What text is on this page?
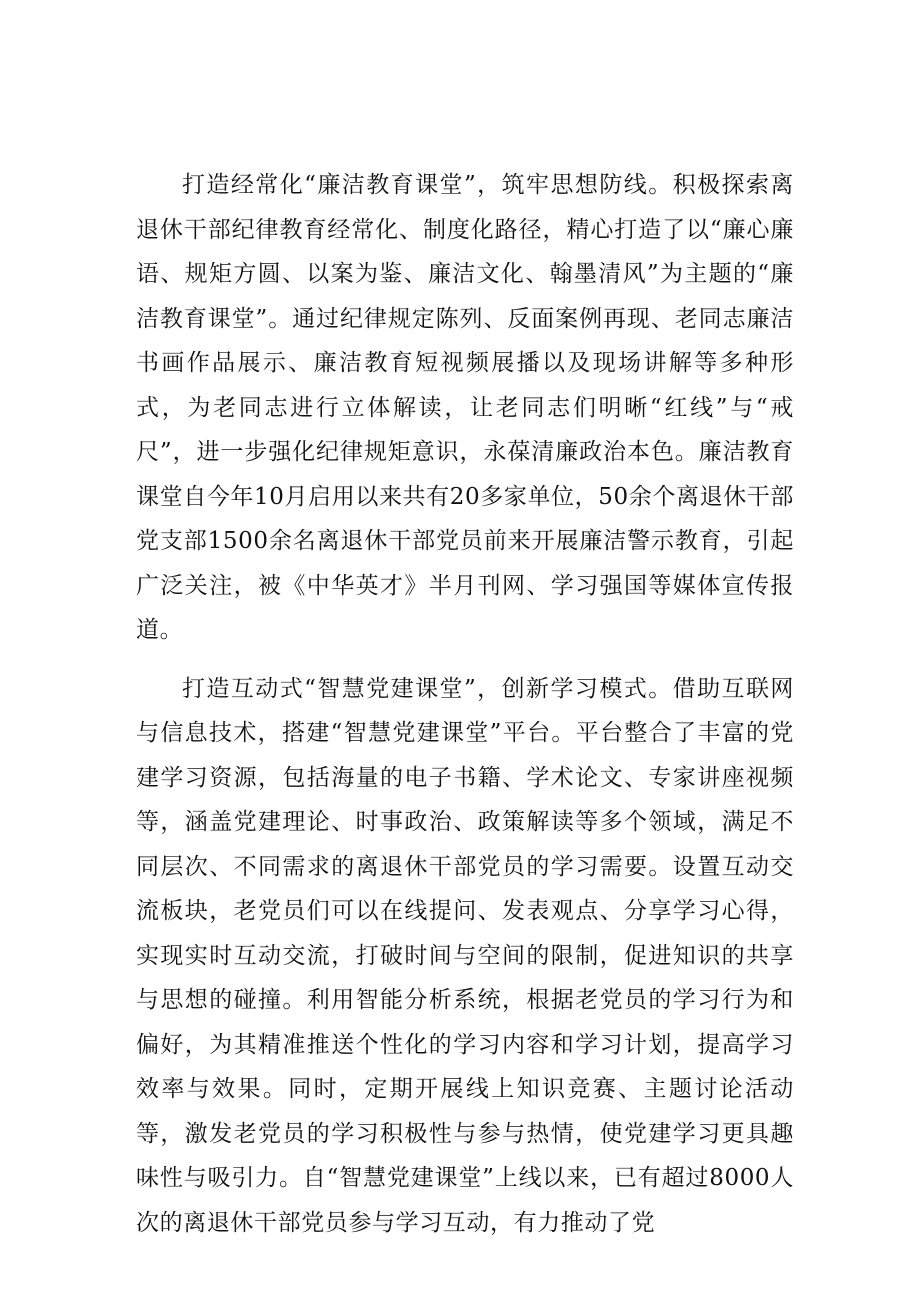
打造经常化“廉洁教育课堂”，筑牢思想防线。积极探索离退休干部纪律教育经常化、制度化路径，精心打造了以“廉心廉语、规矩方圆、以案为鉴、廉洁文化、翰墨清风”为主题的“廉洁教育课堂”。通过纪律规定陈列、反面案例再现、老同志廉洁书画作品展示、廉洁教育短视频展播以及现场讲解等多种形式，为老同志进行立体解读，让老同志们明晰“红线”与“戒尺”，进一步强化纪律规矩意识，永葆清廉政治本色。廉洁教育课堂自今年10月启用以来共有20多家单位，50余个离退休干部党支部1500余名离退休干部党员前来开展廉洁警示教育，引起广泛关注，被《中华英才》半月刊网、学习强国等媒体宣传报道。

打造互动式“智慧党建课堂”，创新学习模式。借助互联网与信息技术，搭建“智慧党建课堂”平台。平台整合了丰富的党建学习资源，包括海量的电子书籍、学术论文、专家讲座视频等，涵盖党建理论、时事政治、政策解读等多个领域，满足不同层次、不同需求的离退休干部党员的学习需要。设置互动交流板块，老党员们可以在线提问、发表观点、分享学习心得，实现实时互动交流，打破时间与空间的限制，促进知识的共享与思想的碰撞。利用智能分析系统，根据老党员的学习行为和偏好，为其精准推送个性化的学习内容和学习计划，提高学习效率与效果。同时，定期开展线上知识竞赛、主题讨论活动等，激发老党员的学习积极性与参与热情，使党建学习更具趣味性与吸引力。自“智慧党建课堂”上线以来，已有超过8000人次的离退休干部党员参与学习互动，有力推动了党
